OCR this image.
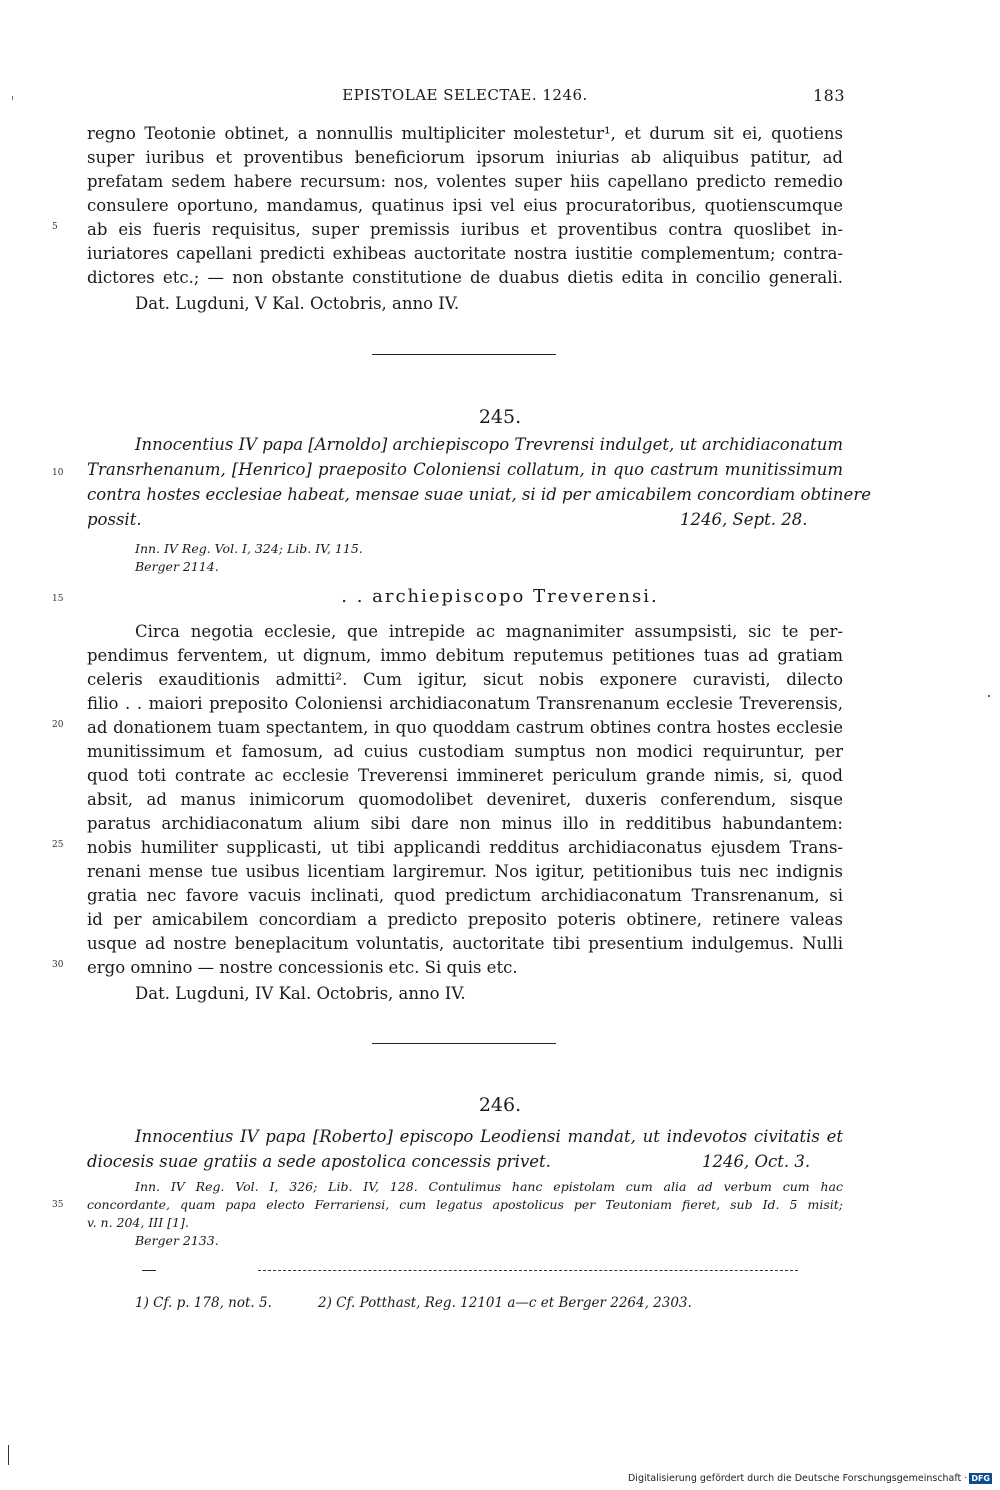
EPISTOLAE SELECTAE. 1246.	183
regno Teotonie obtinet, a nonnullis multipliciter molestetur¹, et durum sit ei, quotiens
super iuribus et proventibus beneficiorum ipsorum iniurias ab aliquibus patitur, ad
prefatam sedem habere recursum: nos, volentes super hiis capellano predicto remedio
consulere oportuno, mandamus, quatinus ipsi vel eius procuratoribus, quotienscumque
ab eis fueris requisitus, super premissis iuribus et proventibus contra quoslibet in-
iuriatores capellani predicti exhibeas auctoritate nostra iustitie complementum; contra-
dictores etc.; — non obstante constitutione de duabus dietis edita in concilio generali.
Dat. Lugduni, V Kal. Octobris, anno IV.
245.
Innocentius IV papa [Arnoldo] archiepiscopo Trevrensi indulget, ut archidiaconatum
Transrhenanum, [Henrico] praeposito Coloniensi collatum, in quo castrum munitissimum
contra hostes ecclesiae habeat, mensae suae uniat, si id per amicabilem concordiam obtinere
possit.	1246, Sept. 28.
Inn. IV Reg. Vol. I, 324; Lib. IV, 115.
Berger 2114.
. . archiepiscopo Treverensi.
Circa negotia ecclesie, que intrepide ac magnanimiter assumpsisti, sic te per-
pendimus ferventem, ut dignum, immo debitum reputemus petitiones tuas ad gratiam
celeris exauditionis admitti². Cum igitur, sicut nobis exponere curavisti, dilecto
filio . . maiori preposito Coloniensi archidiaconatum Transrenanum ecclesie Treverensis,
ad donationem tuam spectantem, in quo quoddam castrum obtines contra hostes ecclesie
munitissimum et famosum, ad cuius custodiam sumptus non modici requiruntur, per
quod toti contrate ac ecclesie Treverensi immineret periculum grande nimis, si, quod
absit, ad manus inimicorum quomodolibet deveniret, duxeris conferendum, sisque
paratus archidiaconatum alium sibi dare non minus illo in redditibus habundantem:
nobis humiliter supplicasti, ut tibi applicandi redditus archidiaconatus ejusdem Trans-
renani mense tue usibus licentiam largiremur. Nos igitur, petitionibus tuis nec indignis
gratia nec favore vacuis inclinati, quod predictum archidiaconatum Transrenanum, si
id per amicabilem concordiam a predicto preposito poteris obtinere, retinere valeas
usque ad nostre beneplacitum voluntatis, auctoritate tibi presentium indulgemus. Nulli
ergo omnino — nostre concessionis etc. Si quis etc.
Dat. Lugduni, IV Kal. Octobris, anno IV.
246.
Innocentius IV papa [Roberto] episcopo Leodiensi mandat, ut indevotos civitatis et
diocesis suae gratiis a sede apostolica concessis privet.	1246, Oct. 3.
Inn. IV Reg. Vol. I, 326; Lib. IV, 128. Contulimus hanc epistolam cum alia ad verbum cum hac
concordante, quam papa electo Ferrariensi, cum legatus apostolicus per Teutoniam fieret, sub Id. 5 misit;
v. n. 204, III [1].
Berger 2133.
1) Cf. p. 178, not. 5.	2) Cf. Potthast, Reg. 12101 a—c et Berger 2264, 2303.
5
10
15
20
25
30
35
Digitalisierung gefördert durch die Deutsche Forschungsgemeinschaft · DFG
